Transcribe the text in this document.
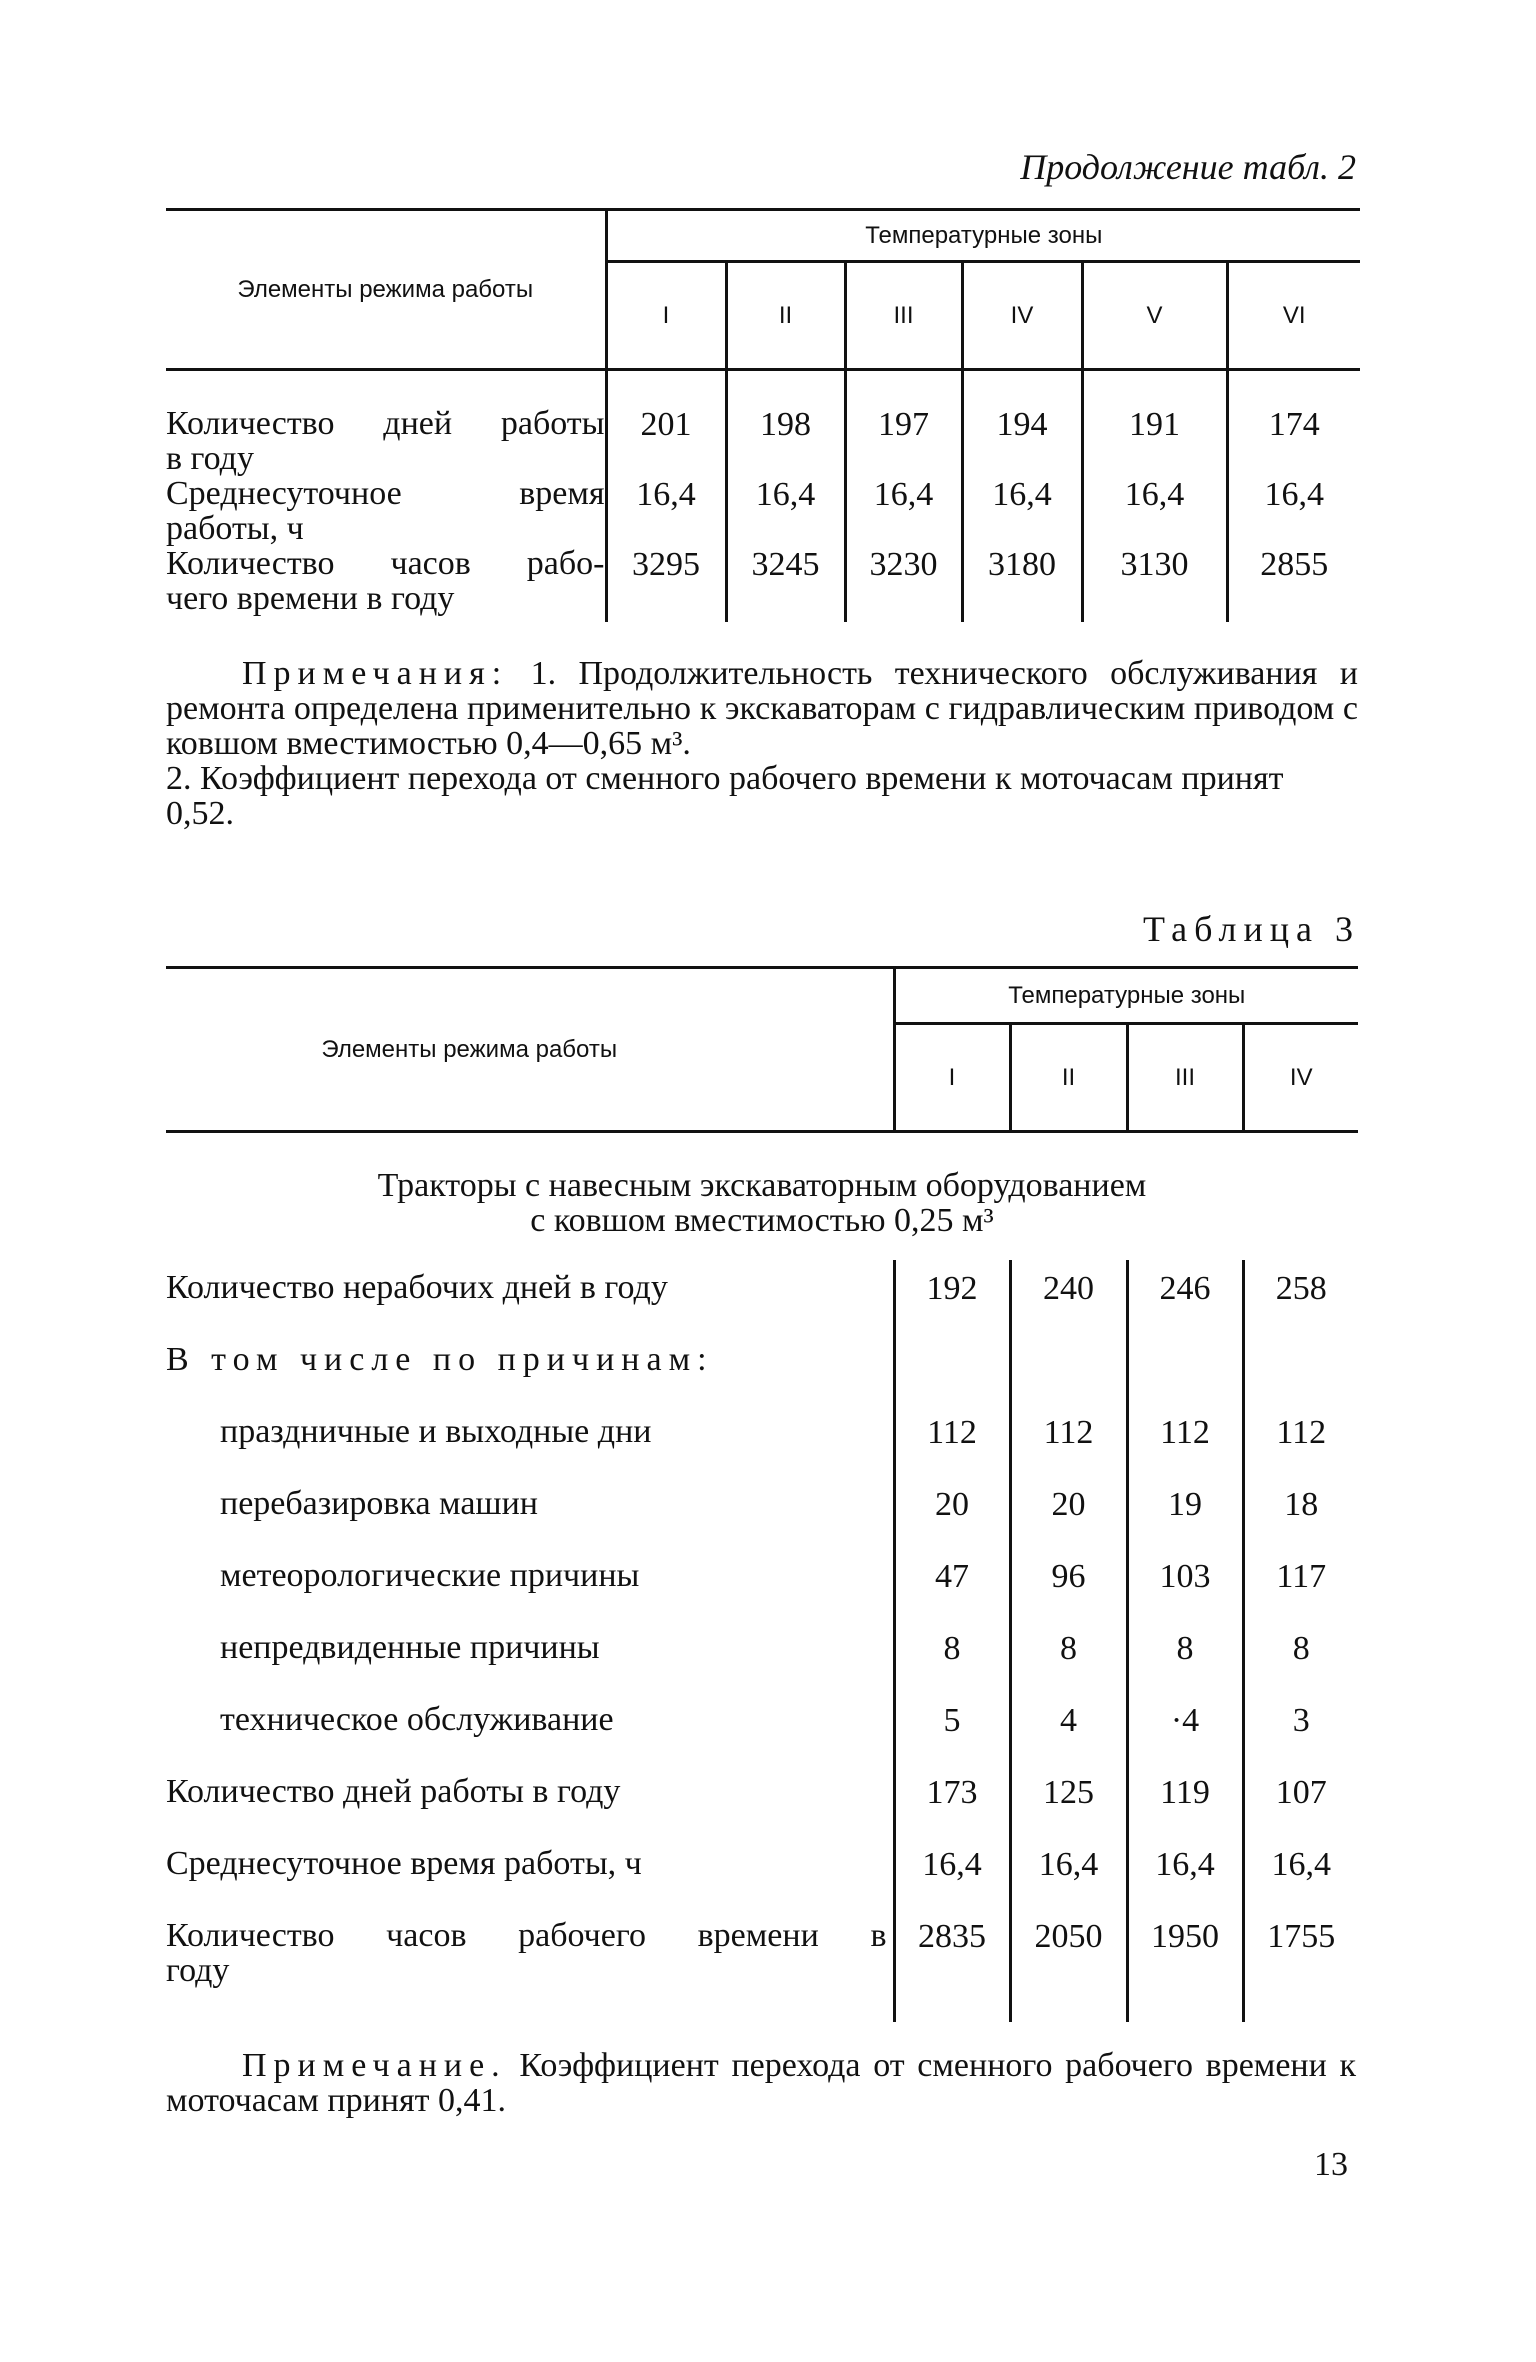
Продолжение табл. 2
Элементы режима работы	Температурные зоны					
	I	II	III	IV	V	VI

Количество дней работы
в году	201	198	197	194	191	174

Среднесуточное время
работы, ч	16,4	16,4	16,4	16,4	16,4	16,4

Количество часов рабо-
чего времени в году	3295	3245	3230	3180	3130	2855
Примечания: 1. Продолжительность технического обслуживания и ремонта определена применительно к экскаваторам с гидравлическим приводом с ковшом вместимостью 0,4—0,65 м³.
2. Коэффициент перехода от сменного рабочего времени к моточасам принят 0,52.
Таблица 3
Элементы режима работы	Температурные зоны			
	I	II	III	IV

Тракторы с навесным экскаваторным оборудованием
с ковшом вместимостью 0,25 м³				

Количество нерабочих дней в году	192	240	246	258
В том числе по причинам:				
праздничные и выходные дни	112	112	112	112
перебазировка машин	20	20	19	18
метеорологические причины	47	96	103	117
непредвиденные причины	8	8	8	8
техническое обслуживание	5	4	·4	3
Количество дней работы в году	173	125	119	107
Среднесуточное время работы, ч	16,4	16,4	16,4	16,4

Количество часов рабочего времени в
году	2835	2050	1950	1755
Примечание. Коэффициент перехода от сменного рабочего времени к моточасам принят 0,41.
13
